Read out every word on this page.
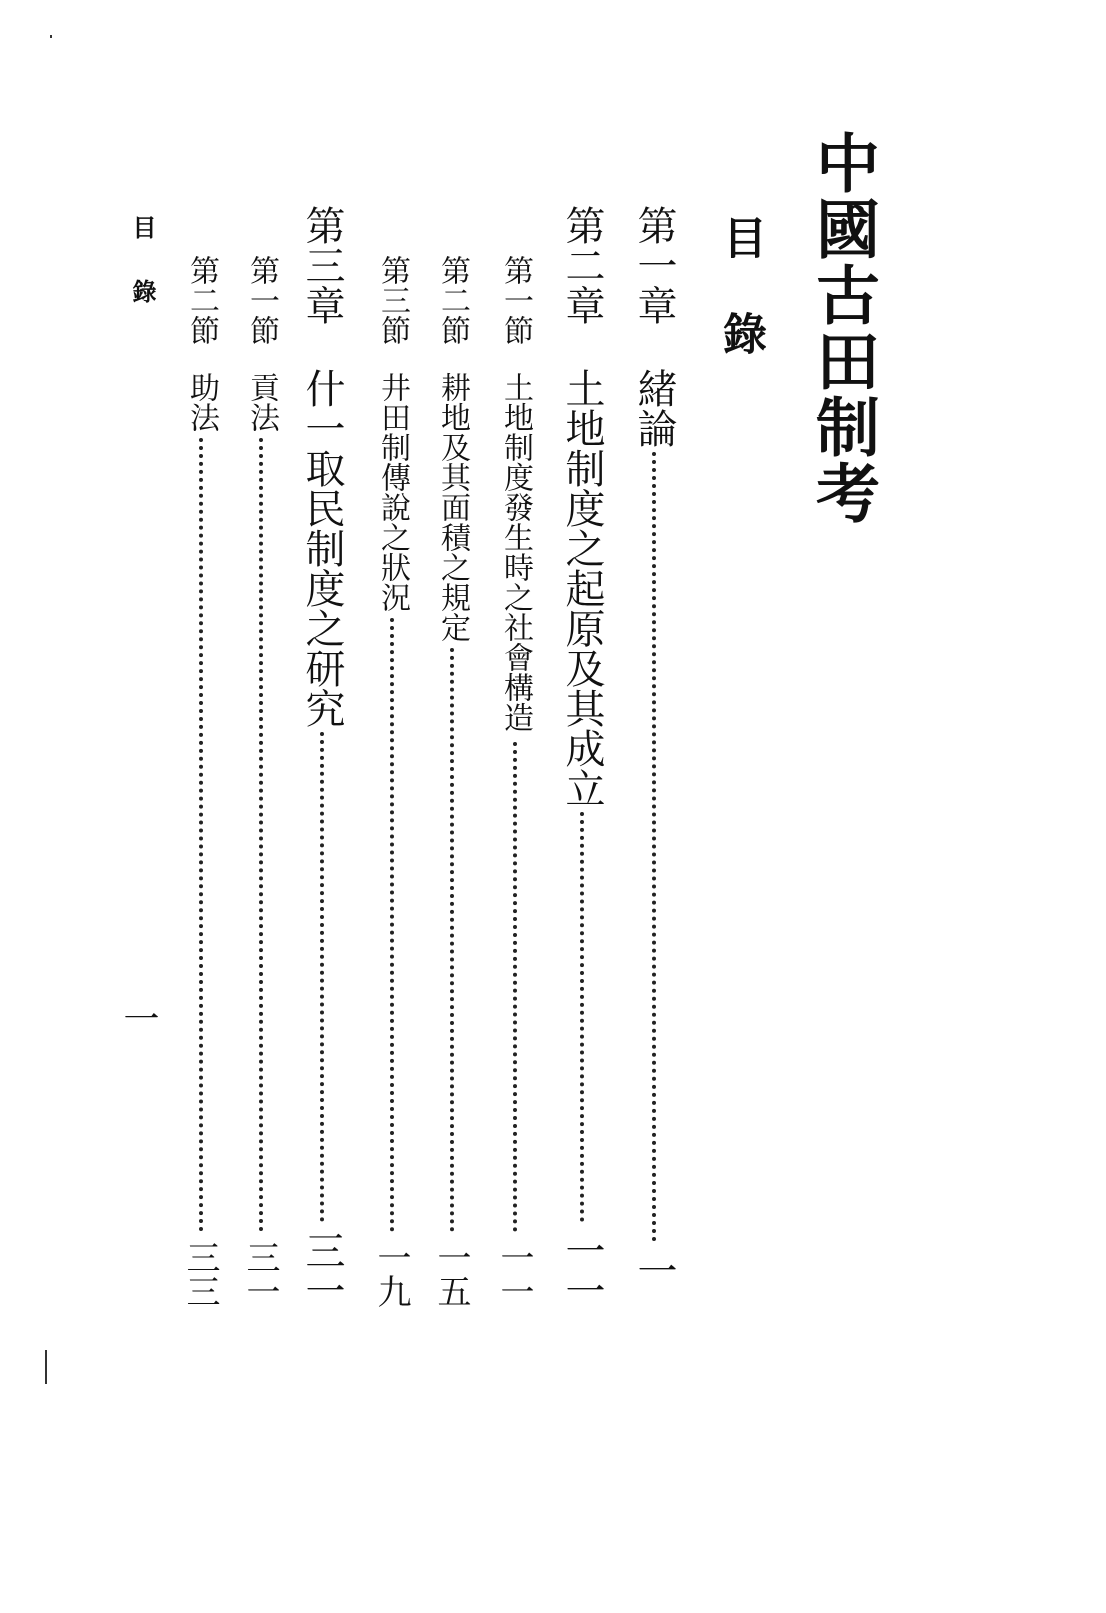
中國古田制考
目錄
第一章
緒論
一
第二章
土地制度之起原及其成立
一一
第一節
土地制度發生時之社會構造
一一
第二節
耕地及其面積之規定
一五
第三節
井田制傳說之狀況
一九
第三章
什一取民制度之研究
三一
第一節
貢法
三一
第二節
助法
三三
目錄
一
